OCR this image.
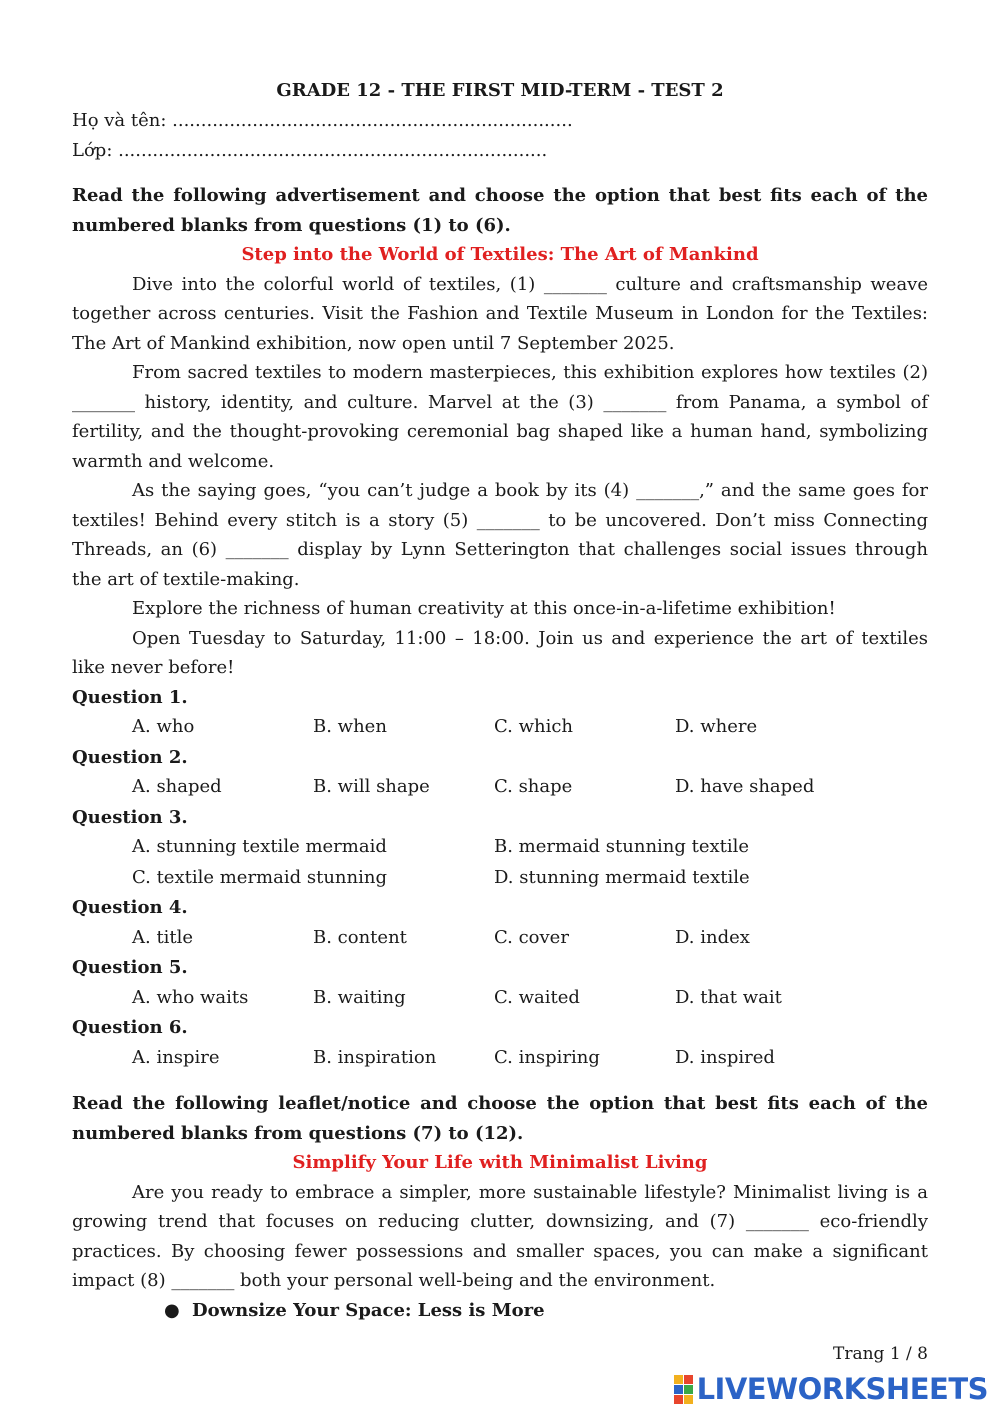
GRADE 12 - THE FIRST MID-TERM - TEST 2

Họ và tên: ......................................................................

Lớp: ...........................................................................

Read the following advertisement and choose the option that best fits each of the numbered blanks from questions (1) to (6).

Step into the World of Textiles: The Art of Mankind

Dive into the colorful world of textiles, (1) _______ culture and craftsmanship weave together across centuries. Visit the Fashion and Textile Museum in London for the Textiles: The Art of Mankind exhibition, now open until 7 September 2025.

From sacred textiles to modern masterpieces, this exhibition explores how textiles (2) _______ history, identity, and culture. Marvel at the (3) _______ from Panama, a symbol of fertility, and the thought-provoking ceremonial bag shaped like a human hand, symbolizing warmth and welcome.

As the saying goes, “you can’t judge a book by its (4) _______,” and the same goes for textiles! Behind every stitch is a story (5) _______ to be uncovered. Don’t miss Connecting Threads, an (6) _______ display by Lynn Setterington that challenges social issues through the art of textile-making.

Explore the richness of human creativity at this once-in-a-lifetime exhibition!

Open Tuesday to Saturday, 11:00 – 18:00. Join us and experience the art of textiles like never before!

Question 1.

A. who	B. when	C. which	D. where

Question 2.

A. shaped	B. will shape	C. shape	D. have shaped

Question 3.

A. stunning textile mermaid	B. mermaid stunning textile
C. textile mermaid stunning	D. stunning mermaid textile

Question 4.

A. title	B. content	C. cover	D. index

Question 5.

A. who waits	B. waiting	C. waited	D. that wait

Question 6.

A. inspire	B. inspiration	C. inspiring	D. inspired

Read the following leaflet/notice and choose the option that best fits each of the numbered blanks from questions (7) to (12).

Simplify Your Life with Minimalist Living

Are you ready to embrace a simpler, more sustainable lifestyle? Minimalist living is a growing trend that focuses on reducing clutter, downsizing, and (7) _______ eco-friendly practices. By choosing fewer possessions and smaller spaces, you can make a significant impact (8) _______ both your personal well-being and the environment.

● Downsize Your Space: Less is More
Trang 1 / 8
LIVEWORKSHEETS
